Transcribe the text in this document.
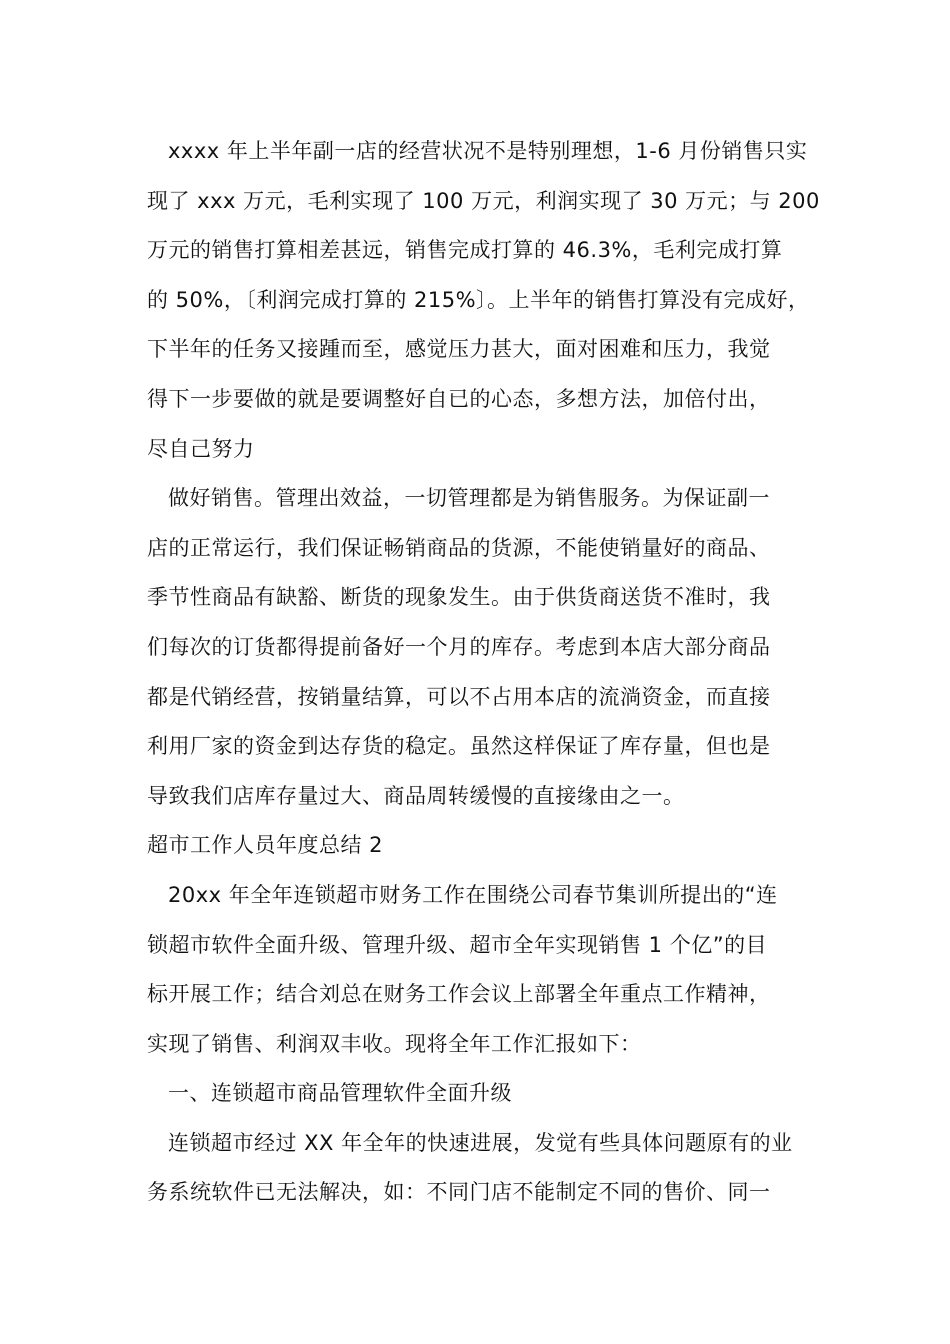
xxxx 年上半年副一店的经营状况不是特别理想，1-6 月份销售只实

现了 xxx 万元，毛利实现了 100 万元，利润实现了 30 万元；与 200

万元的销售打算相差甚远，销售完成打算的 46.3%，毛利完成打算

的 50%，〔利润完成打算的 215%〕。上半年的销售打算没有完成好，

下半年的任务又接踵而至，感觉压力甚大，面对困难和压力，我觉

得下一步要做的就是要调整好自已的心态，多想方法，加倍付出，

尽自己努力

做好销售。管理出效益，一切管理都是为销售服务。为保证副一

店的正常运行，我们保证畅销商品的货源，不能使销量好的商品、

季节性商品有缺豁、断货的现象发生。由于供货商送货不准时，我

们每次的订货都得提前备好一个月的库存。考虑到本店大部分商品

都是代销经营，按销量结算，可以不占用本店的流淌资金，而直接

利用厂家的资金到达存货的稳定。虽然这样保证了库存量，但也是

导致我们店库存量过大、商品周转缓慢的直接缘由之一。

超市工作人员年度总结 2

20xx 年全年连锁超市财务工作在围绕公司春节集训所提出的“连

锁超市软件全面升级、管理升级、超市全年实现销售 1 个亿”的目

标开展工作；结合刘总在财务工作会议上部署全年重点工作精神，

实现了销售、利润双丰收。现将全年工作汇报如下：

一、连锁超市商品管理软件全面升级

连锁超市经过 XX 年全年的快速进展，发觉有些具体问题原有的业

务系统软件已无法解决，如：不同门店不能制定不同的售价、同一
